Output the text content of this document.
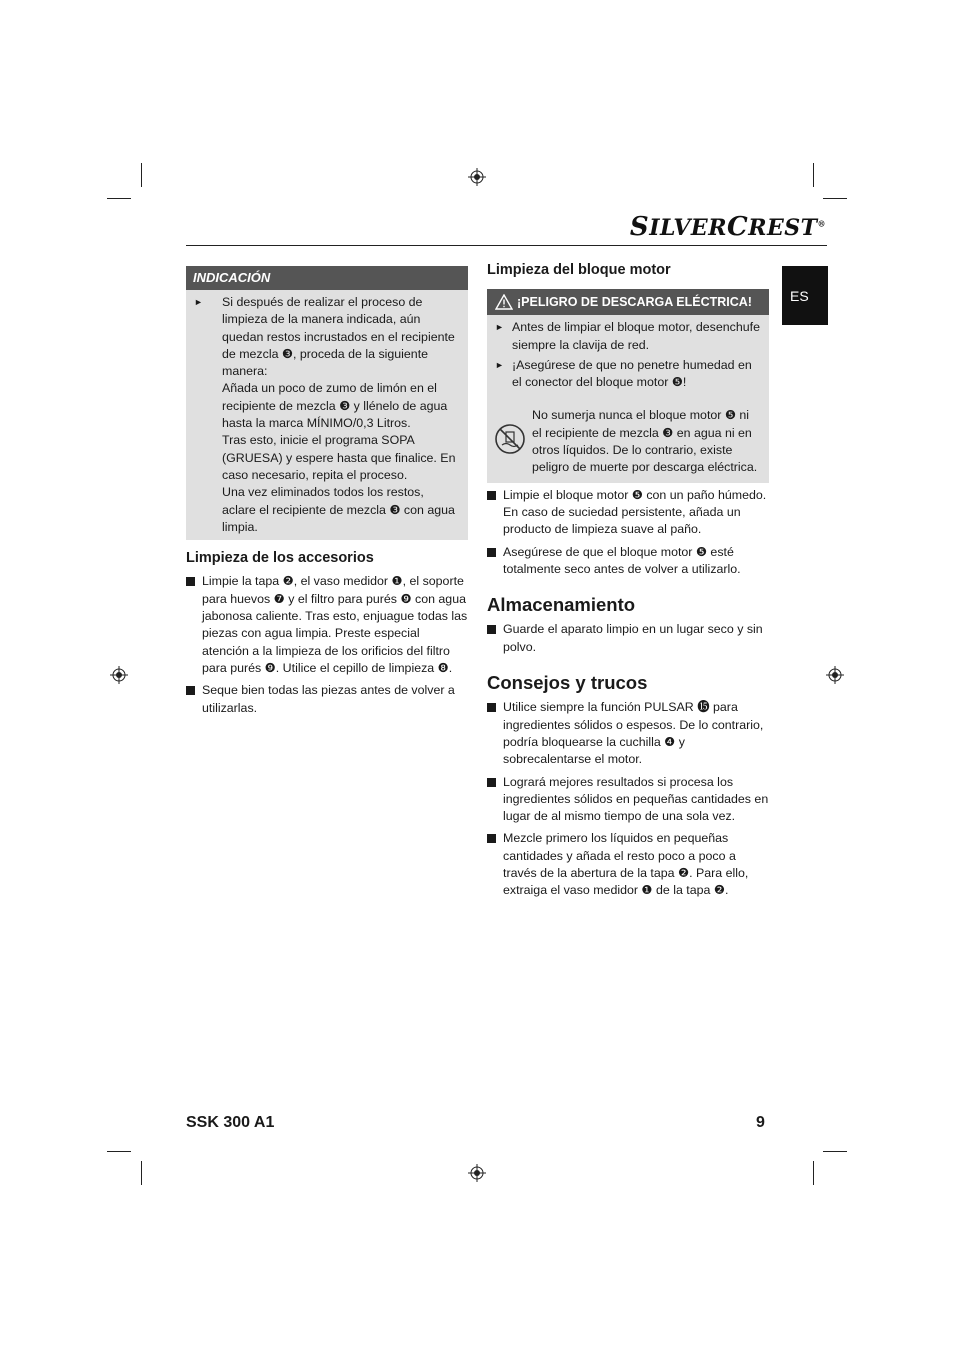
SILVERCREST®
ES
INDICACIÓN
► Si después de realizar el proceso de limpieza de la manera indicada, aún quedan restos incrustados en el recipiente de mezcla ❸, proceda de la siguiente manera:
Añada un poco de zumo de limón en el recipiente de mezcla ❸ y llénelo de agua hasta la marca MÍNIMO/0,3 Litros.
Tras esto, inicie el programa SOPA (GRUESA) y espere hasta que finalice. En caso necesario, repita el proceso.
Una vez eliminados todos los restos, aclare el recipiente de mezcla ❸ con agua limpia.
Limpieza de los accesorios
Limpie la tapa ❷, el vaso medidor ❶, el soporte para huevos ❼ y el filtro para purés ❾ con agua jabonosa caliente. Tras esto, enjuague todas las piezas con agua limpia. Preste especial atención a la limpieza de los orificios del filtro para purés ❾. Utilice el cepillo de limpieza ❽.
Seque bien todas las piezas antes de volver a utilizarlas.
Limpieza del bloque motor
¡PELIGRO DE DESCARGA ELÉCTRICA!
► Antes de limpiar el bloque motor, desenchufe siempre la clavija de red.
► ¡Asegúrese de que no penetre humedad en el conector del bloque motor ❺!
No sumerja nunca el bloque motor ❺ ni el recipiente de mezcla ❸ en agua ni en otros líquidos. De lo contrario, existe peligro de muerte por descarga eléctrica.
Limpie el bloque motor ❺ con un paño húmedo. En caso de suciedad persistente, añada un producto de limpieza suave al paño.
Asegúrese de que el bloque motor ❺ esté totalmente seco antes de volver a utilizarlo.
Almacenamiento
Guarde el aparato limpio en un lugar seco y sin polvo.
Consejos y trucos
Utilice siempre la función PULSAR ⓯ para ingredientes sólidos o espesos. De lo contrario, podría bloquearse la cuchilla ❹ y sobrecalentarse el motor.
Logrará mejores resultados si procesa los ingredientes sólidos en pequeñas cantidades en lugar de al mismo tiempo de una sola vez.
Mezcle primero los líquidos en pequeñas cantidades y añada el resto poco a poco a través de la abertura de la tapa ❷. Para ello, extraiga el vaso medidor ❶ de la tapa ❷.
SSK 300 A1	9
